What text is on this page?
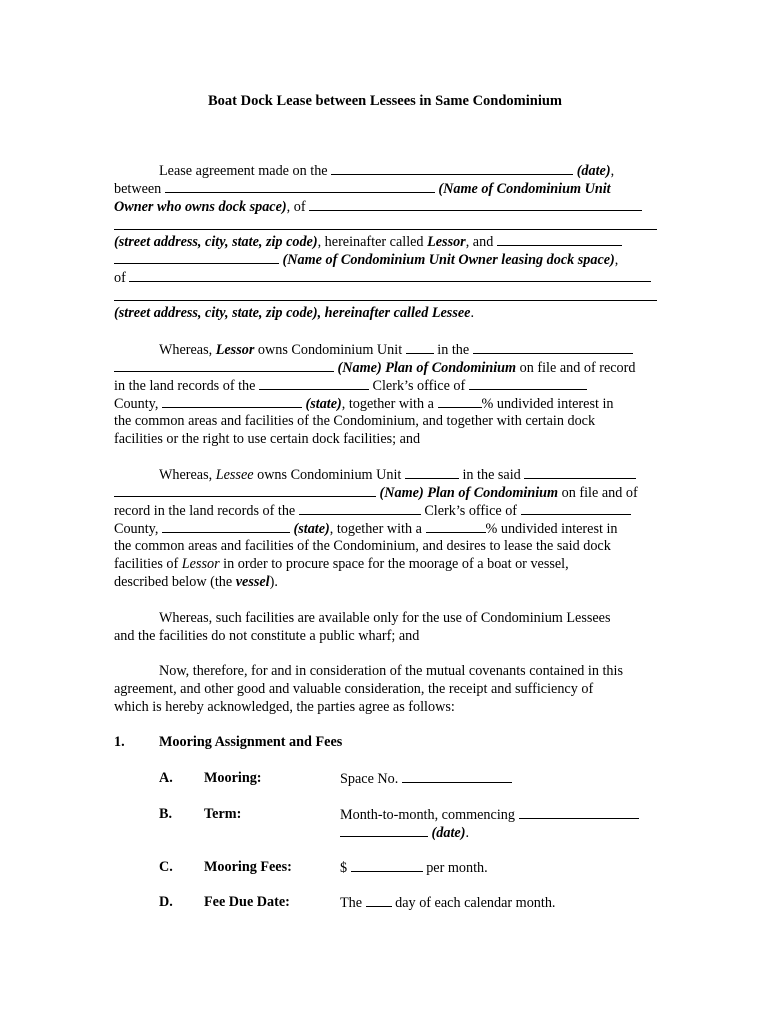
Boat Dock Lease between Lessees in Same Condominium
Lease agreement made on the	(date),
between	(Name of Condominium Unit
Owner who owns dock space), of
(street address, city, state, zip code), hereinafter called Lessor, and
(Name of Condominium Unit Owner leasing dock space),
of
(street address, city, state, zip code), hereinafter called Lessee.
Whereas, Lessor owns Condominium Unit in the
(Name) Plan of Condominium on file and of record
in the land records of the	Clerk’s office of
County,	(state), together with a	% undivided interest in
the common areas and facilities of the Condominium, and together with certain dock
facilities or the right to use certain dock facilities; and
Whereas, Lessee owns Condominium Unit	in the said
(Name) Plan of Condominium on file and of
record in the land records of the	Clerk’s office of
County,	(state), together with a	% undivided interest in
the common areas and facilities of the Condominium, and desires to lease the said dock
facilities of Lessor in order to procure space for the moorage of a boat or vessel,
described below (the vessel).
Whereas, such facilities are available only for the use of Condominium Lessees
and the facilities do not constitute a public wharf; and
Now, therefore, for and in consideration of the mutual covenants contained in this
agreement, and other good and valuable consideration, the receipt and sufficiency of
which is hereby acknowledged, the parties agree as follows:
1. Mooring Assignment and Fees
A. Mooring:	Space No.
B. Term:	Month-to-month, commencing
(date).
C. Mooring Fees:	$	per month.
D. Fee Due Date:	The day of each calendar month.
